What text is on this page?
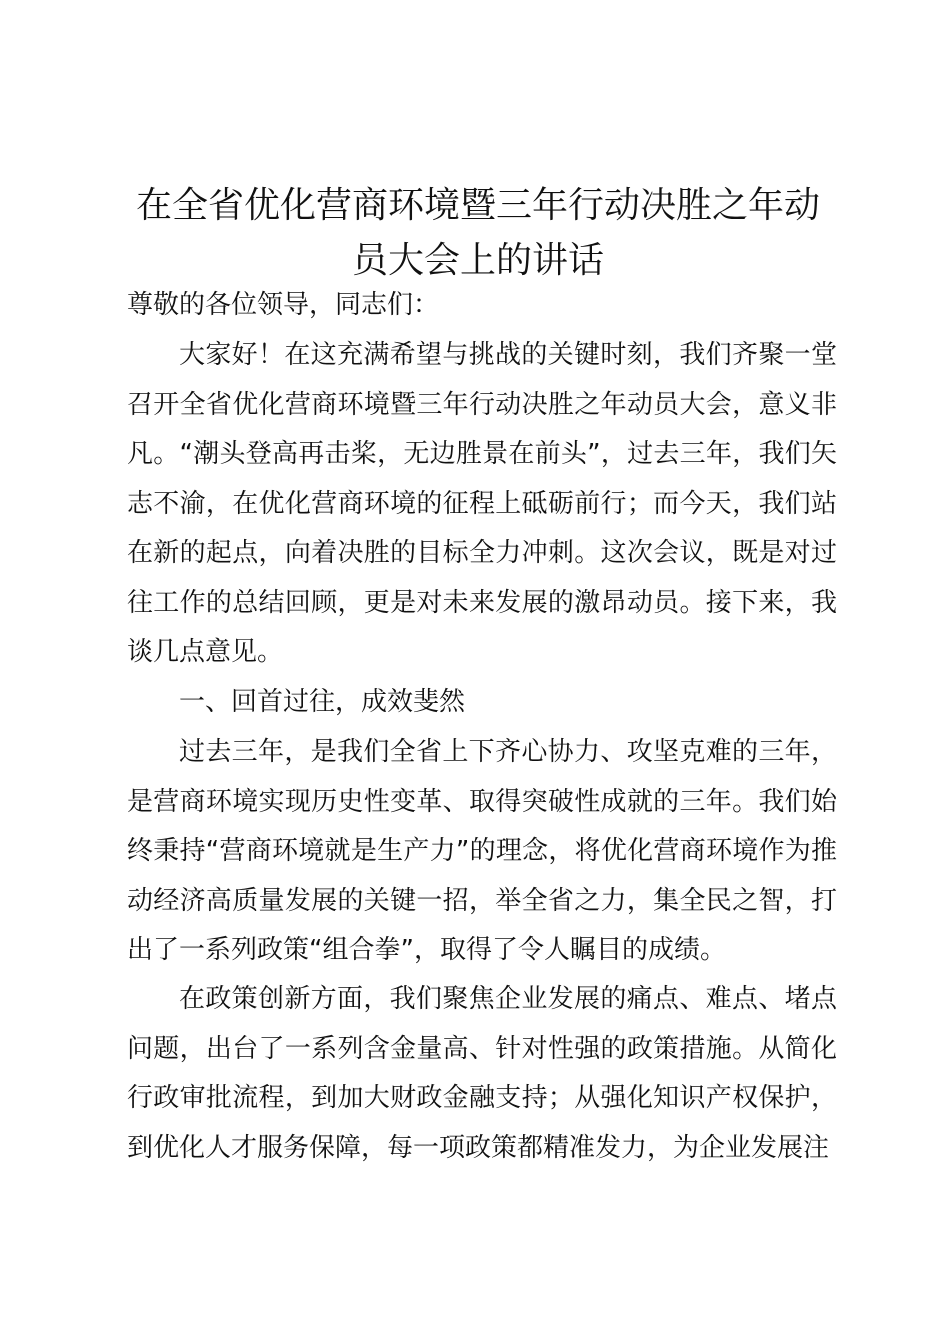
在全省优化营商环境暨三年行动决胜之年动员大会上的讲话

尊敬的各位领导，同志们：

大家好！在这充满希望与挑战的关键时刻，我们齐聚一堂召开全省优化营商环境暨三年行动决胜之年动员大会，意义非凡。“潮头登高再击桨，无边胜景在前头”，过去三年，我们矢志不渝，在优化营商环境的征程上砥砺前行；而今天，我们站在新的起点，向着决胜的目标全力冲刺。这次会议，既是对过往工作的总结回顾，更是对未来发展的激昂动员。接下来，我谈几点意见。

一、回首过往，成效斐然

过去三年，是我们全省上下齐心协力、攻坚克难的三年，是营商环境实现历史性变革、取得突破性成就的三年。我们始终秉持“营商环境就是生产力”的理念，将优化营商环境作为推动经济高质量发展的关键一招，举全省之力，集全民之智，打出了一系列政策“组合拳”，取得了令人瞩目的成绩。

在政策创新方面，我们聚焦企业发展的痛点、难点、堵点问题，出台了一系列含金量高、针对性强的政策措施。从简化行政审批流程，到加大财政金融支持；从强化知识产权保护，到优化人才服务保障，每一项政策都精准发力，为企业发展注
